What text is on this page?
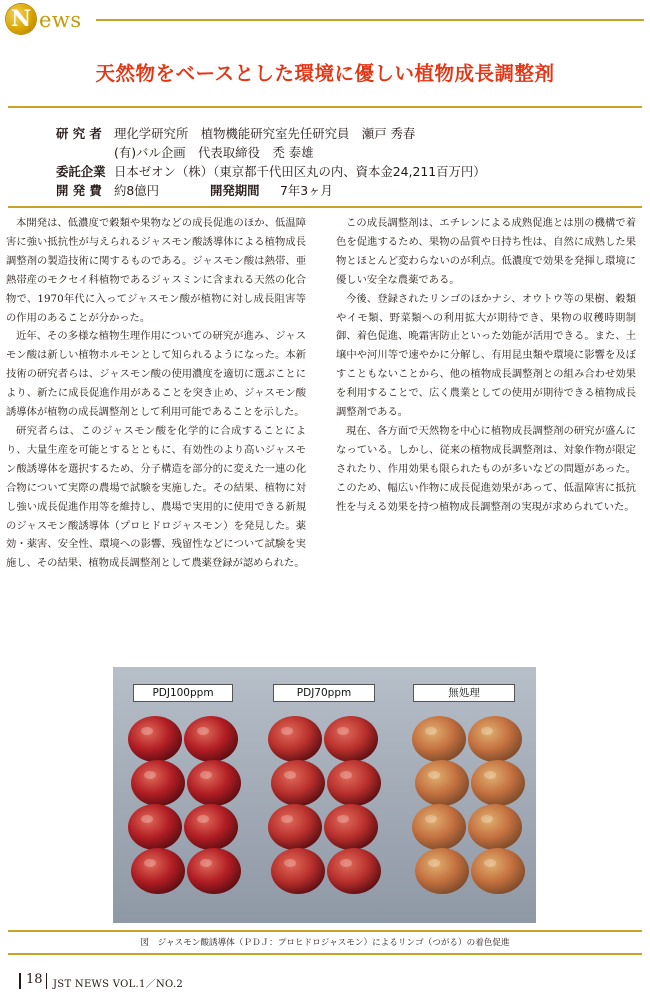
N ews
天然物をベースとした環境に優しい植物成長調整剤
研 究 者 理化学研究所　植物機能研究室先任研究員　瀬戸 秀春
(有)バル企画　代表取締役　禿 泰雄
委託企業 日本ゼオン（株）（東京都千代田区丸の内、資本金24,211百万円）
開 発 費 約8億円	開発期間 7年3ヶ月

本開発は、低濃度で穀類や果物などの成長促進のほか、低温障害に強い抵抗性が与えられるジャスモン酸誘導体による植物成長調整剤の製造技術に関するものである。ジャスモン酸は熱帯、亜熱帯産のモクセイ科植物であるジャスミンに含まれる天然の化合物で、1970年代に入ってジャスモン酸が植物に対し成長阻害等の作用のあることが分かった。

近年、その多様な植物生理作用についての研究が進み、ジャスモン酸は新しい植物ホルモンとして知られるようになった。本新技術の研究者らは、ジャスモン酸の使用濃度を適切に選ぶことにより、新たに成長促進作用があることを突き止め、ジャスモン酸誘導体が植物の成長調整剤として利用可能であることを示した。

研究者らは、このジャスモン酸を化学的に合成することにより、大量生産を可能とするとともに、有効性のより高いジャスモン酸誘導体を選択するため、分子構造を部分的に変えた一連の化合物について実際の農場で試験を実施した。その結果、植物に対し強い成長促進作用等を維持し、農場で実用的に使用できる新規のジャスモン酸誘導体（プロヒドロジャスモン）を発見した。薬効・薬害、安全性、環境への影響、残留性などについて試験を実施し、その結果、植物成長調整剤として農薬登録が認められた。

この成長調整剤は、エチレンによる成熟促進とは別の機構で着色を促進するため、果物の品質や日持ち性は、自然に成熟した果物とほとんど変わらないのが利点。低濃度で効果を発揮し環境に優しい安全な農薬である。

今後、登録されたリンゴのほかナシ、オウトウ等の果樹、穀類やイモ類、野菜類への利用拡大が期待でき、果物の収穫時期制御、着色促進、晩霜害防止といった効能が活用できる。また、土壌中や河川等で速やかに分解し、有用昆虫類や環境に影響を及ぼすこともないことから、他の植物成長調整剤との組み合わせ効果を利用することで、広く農業としての使用が期待できる植物成長調整剤である。

現在、各方面で天然物を中心に植物成長調整剤の研究が盛んになっている。しかし、従来の植物成長調整剤は、対象作物が限定されたり、作用効果も限られたものが多いなどの問題があった。このため、幅広い作物に成長促進効果があって、低温障害に抵抗性を与える効果を持つ植物成長調整剤の実現が求められていた。

PDJ100ppm	PDJ70ppm	無処理
図　ジャスモン酸誘導体（ＰＤＪ：プロヒドロジャスモン）によるリンゴ（つがる）の着色促進
18 JST NEWS VOL.1／NO.2
